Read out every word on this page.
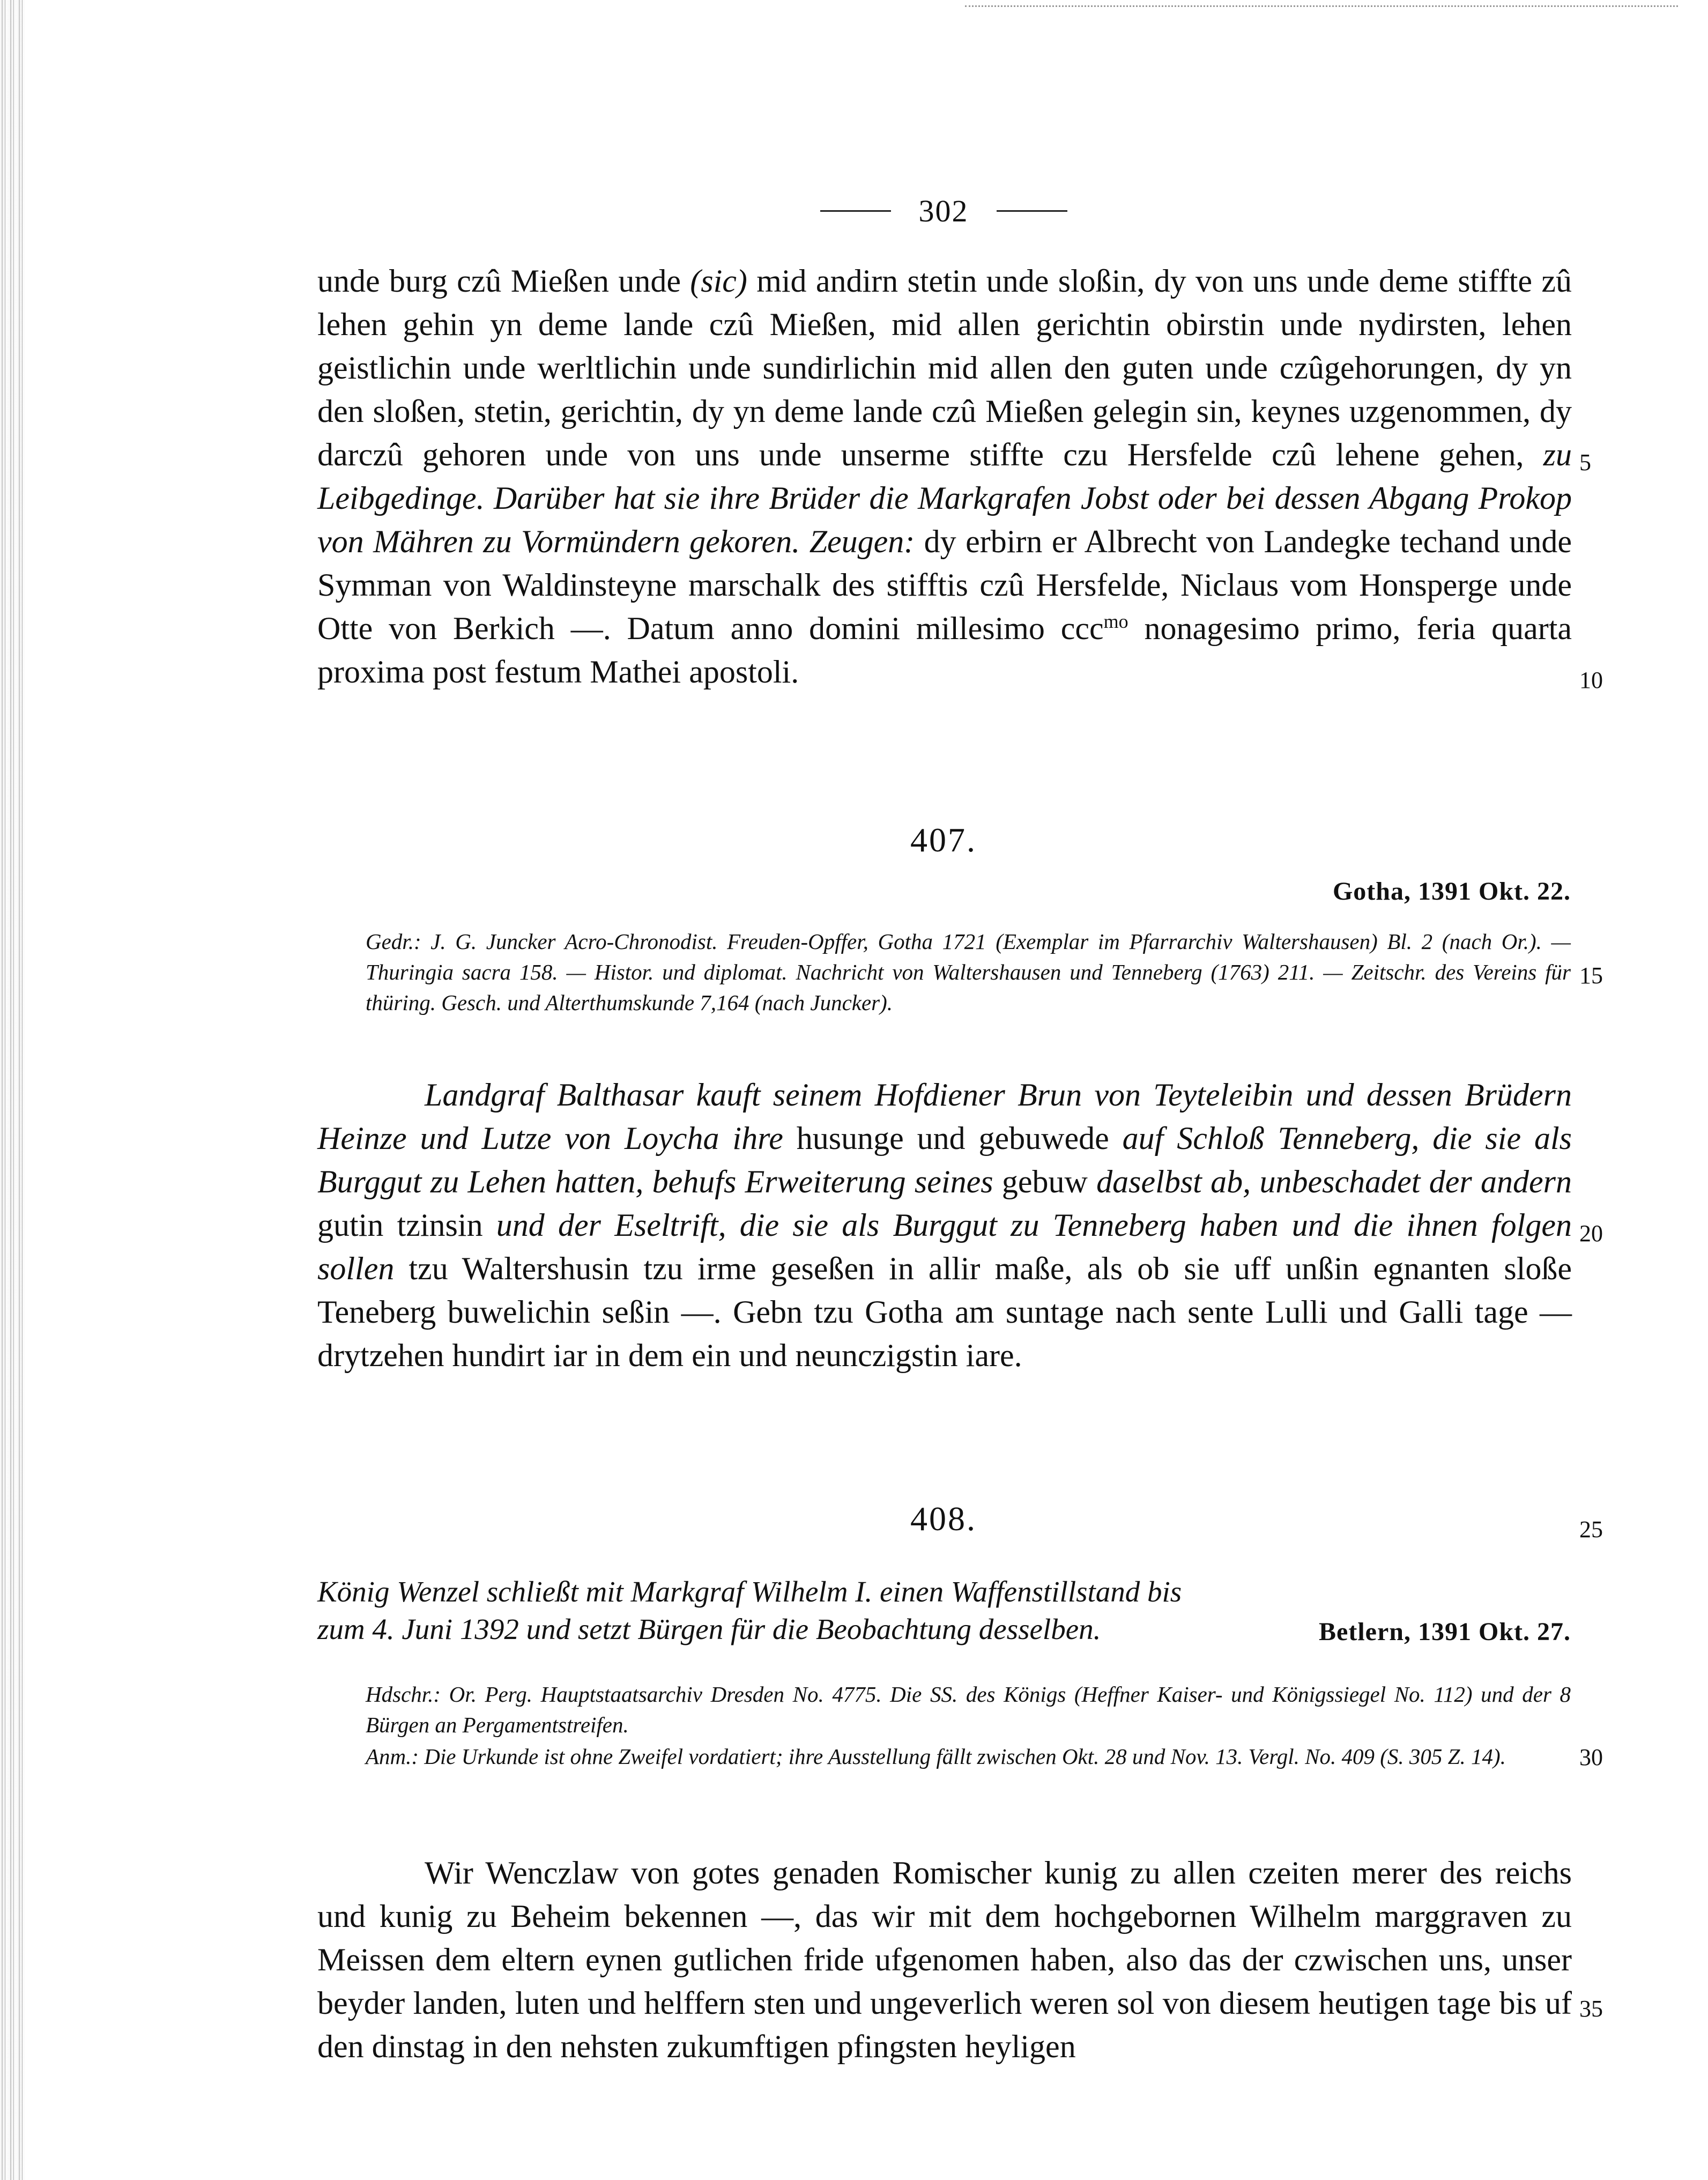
302
unde burg czû Mießen unde (sic) mid andirn stetin unde sloßin, dy von uns unde deme stiffte zû lehen gehin yn deme lande czû Mießen, mid allen gerichtin obirstin unde nydirsten, lehen geistlichin unde werltlichin unde sundirlichin mid allen den guten unde czûgehorungen, dy yn den sloßen, stetin, gerichtin, dy yn deme lande czû Mießen gelegin sin, keynes uzgenommen, dy darczû gehoren unde von uns unde unserme stiffte czu Hersfelde czû lehene gehen, zu Leibgedinge. Darüber hat sie ihre Brüder die Markgrafen Jobst oder bei dessen Abgang Prokop von Mähren zu Vormündern gekoren. Zeugen: dy erbirn er Albrecht von Landegke techand unde Symman von Waldinsteyne marschalk des stifftis czû Hersfelde, Niclaus vom Honsperge unde Otte von Berkich —. Datum anno domini millesimo ccc$^{mo}$ nonagesimo primo, feria quarta proxima post festum Mathei apostoli.
407.
Gotha, 1391 Okt. 22.
Gedr.: J. G. Juncker Acro-Chronodist. Freuden-Opffer, Gotha 1721 (Exemplar im Pfarrarchiv Waltershausen) Bl. 2 (nach Or.). — Thuringia sacra 158. — Histor. und diplomat. Nachricht von Waltershausen und Tenneberg (1763) 211. — Zeitschr. des Vereins für thüring. Gesch. und Alterthumskunde 7,164 (nach Juncker).
Landgraf Balthasar kauft seinem Hofdiener Brun von Teyteleibin und dessen Brüdern Heinze und Lutze von Loycha ihre husunge und gebuwede auf Schloß Tenneberg, die sie als Burggut zu Lehen hatten, behufs Erweiterung seines gebuw daselbst ab, unbeschadet der andern gutin tzinsin und der Eseltrift, die sie als Burggut zu Tenneberg haben und die ihnen folgen sollen tzu Waltershusin tzu irme geseßen in allir maße, als ob sie uff unßin egnanten sloße Teneberg buwelichin seßin —. Gebn tzu Gotha am suntage nach sente Lulli und Galli tage — drytzehen hundirt iar in dem ein und neunczigstin iare.
408.
König Wenzel schließt mit Markgraf Wilhelm I. einen Waffenstillstand bis zum 4. Juni 1392 und setzt Bürgen für die Beobachtung desselben.	Betlern, 1391 Okt. 27.
Hdschr.: Or. Perg. Hauptstaatsarchiv Dresden No. 4775. Die SS. des Königs (Heffner Kaiser- und Königssiegel No. 112) und der 8 Bürgen an Pergamentstreifen.
Anm.: Die Urkunde ist ohne Zweifel vordatiert; ihre Ausstellung fällt zwischen Okt. 28 und Nov. 13. Vergl. No. 409 (S. 305 Z. 14).
Wir Wenczlaw von gotes genaden Romischer kunig zu allen czeiten merer des reichs und kunig zu Beheim bekennen —, das wir mit dem hochgebornen Wilhelm marggraven zu Meissen dem eltern eynen gutlichen fride ufgenomen haben, also das der czwischen uns, unser beyder landen, luten und helffern sten und ungeverlich weren sol von diesem heutigen tage bis uf den dinstag in den nehsten zukumftigen pfingsten heyligen
5
10
15
20
25
30
35
